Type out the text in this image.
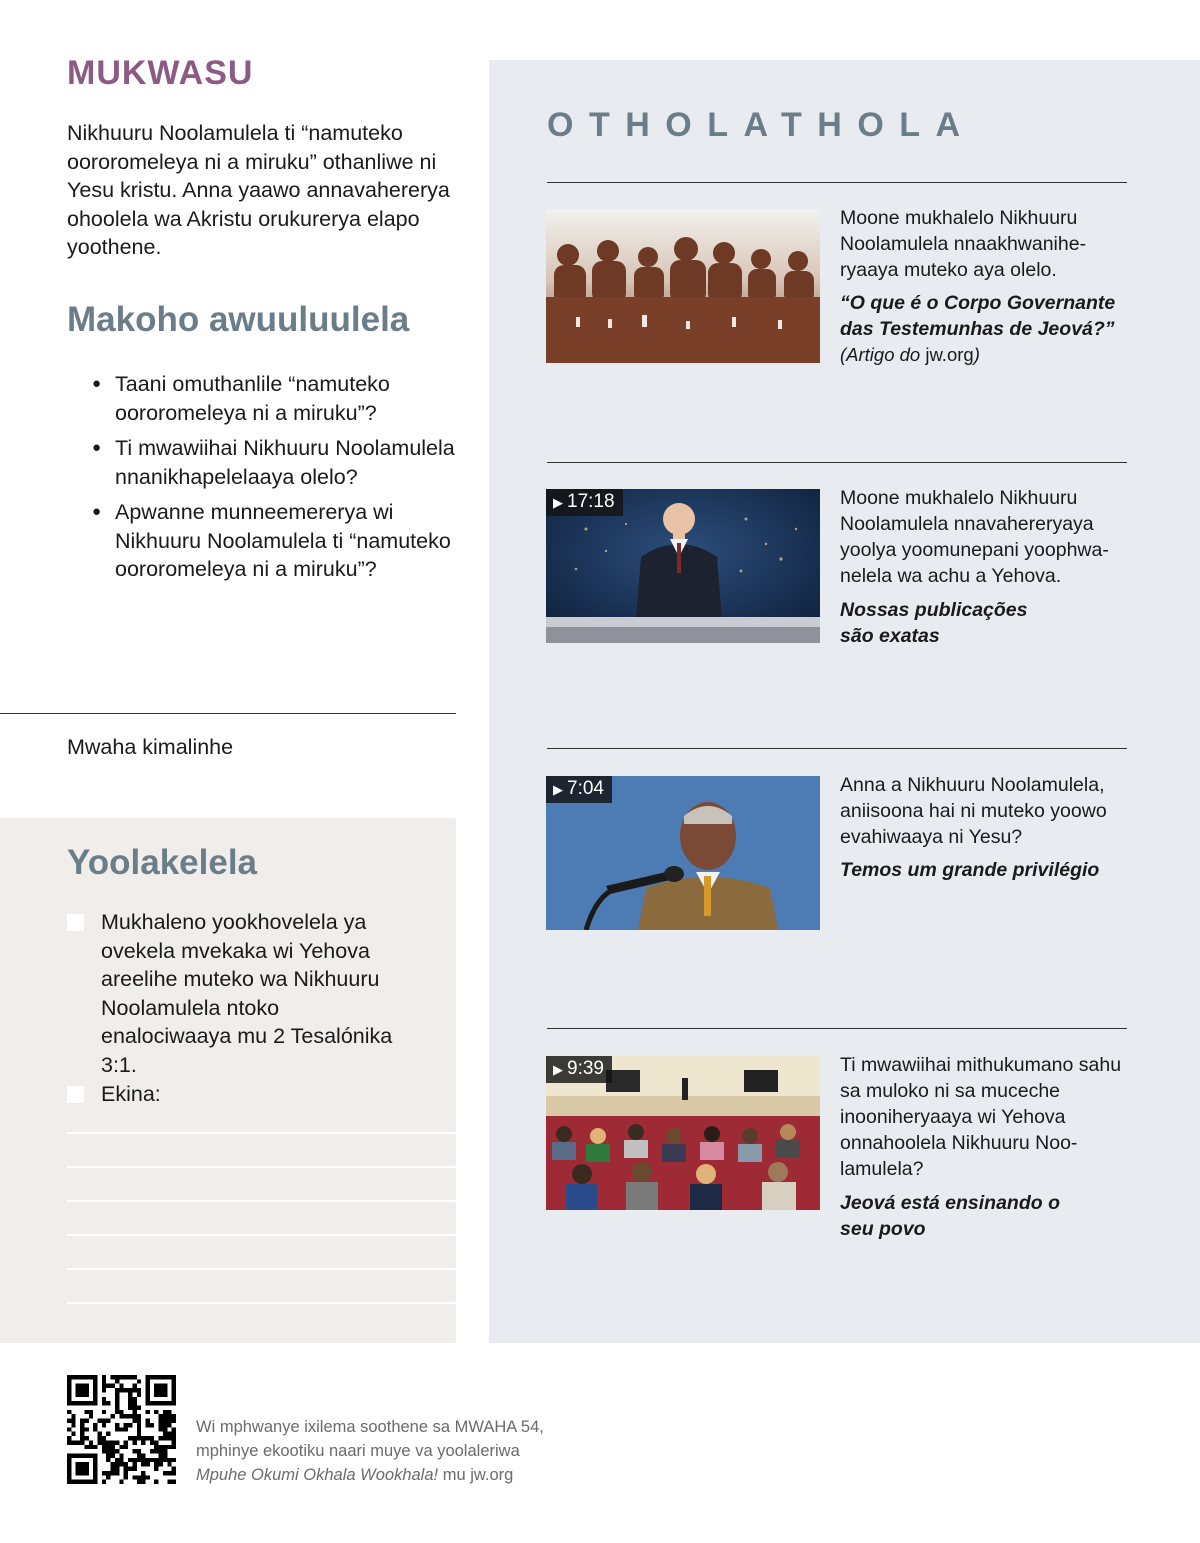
MUKWASU
Nikhuuru Noolamulela ti “namuteko oororomeleya ni a miruku” othanliwe ni Yesu kristu. Anna yaawo annavahererya ohoolela wa Akristu orukurerya elapo yoothene.
Makoho awuuluulela
● Taani omuthanlile “namuteko oororomeleya ni a miruku”?
● Ti mwawiihai Nikhuuru Noolamulela nnanikhapelelaaya olelo?
● Apwanne munneemererya wi Nikhuuru Noolamulela ti “namuteko oororomeleya ni a miruku”?
Mwaha kimalinhe
Yoolakelela
Mukhaleno yookhovelela ya ovekela mvekaka wi Yehova areelihe muteko wa Nikhuuru Noolamulela ntoko enalociwaaya mu 2 Tesalónika 3:1.
Ekina:
OTHOLATHOLA
Moone mukhalelo Nikhuuru Noolamulela nnaakhwaniheryaaya muteko aya olelo.
“O que é o Corpo Governante das Testemunhas de Jeová?”
(Artigo do jw.org)
▶ 17:18	Moone mukhalelo Nikhuuru Noolamulela nnavahereryaya yoolya yoomunepani yoophwanelela wa achu a Yehova.
Nossas publicações são exatas
▶ 7:04	Anna a Nikhuuru Noolamulela, aniisoona hai ni muteko yoowo evahiwaaya ni Yesu?
Temos um grande privilégio
▶ 9:39	Ti mwawiihai mithukumano sahu sa muloko ni sa muceche inooniheryaaya wi Yehova onnahoolela Nikhuuru Noolamulela?
Jeová está ensinando o seu povo
Wi mphwanye ixilema soothene sa MWAHA 54,
mphinye ekootiku naari muye va yoolaleriwa
Mpuhe Okumi Okhala Wookhala! mu jw.org
